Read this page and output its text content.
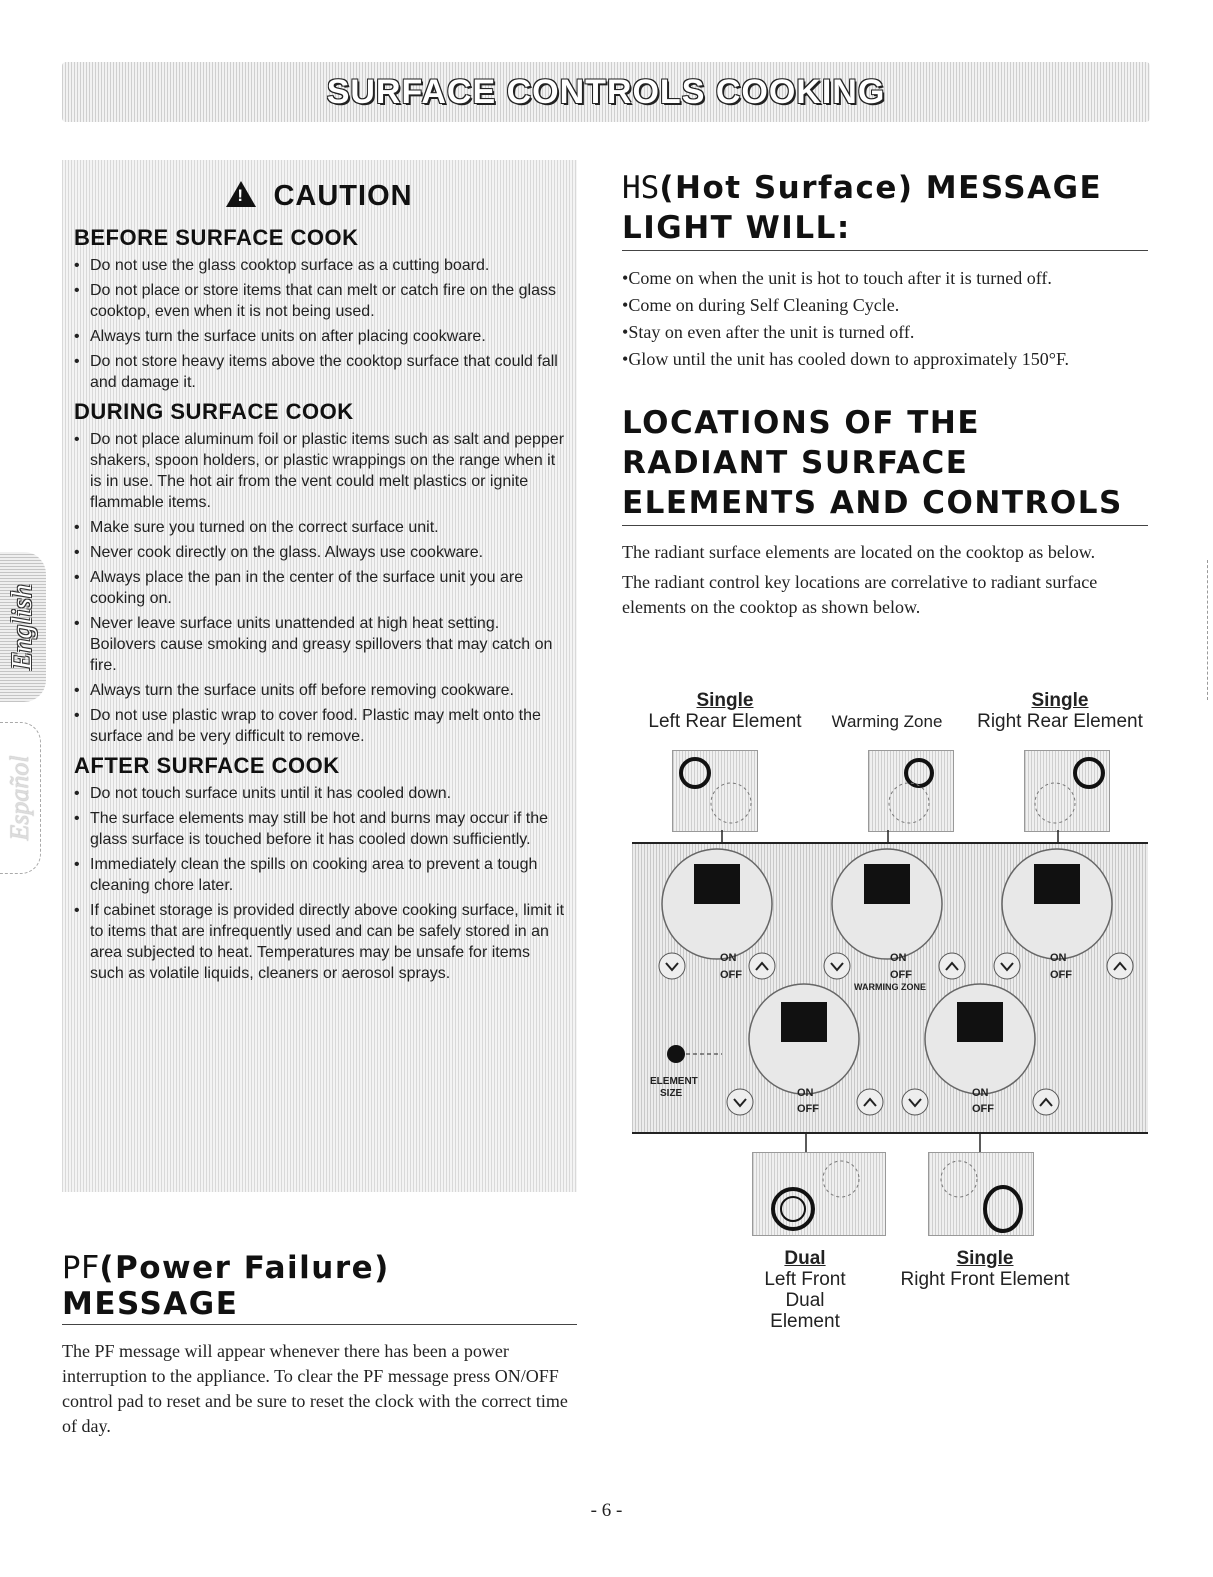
SURFACE CONTROLS COOKING
English
Español
! CAUTION
BEFORE SURFACE COOK
• Do not use the glass cooktop surface as a cutting board.
• Do not place or store items that can melt or catch fire on the glass cooktop, even when it is not being used.
• Always turn the surface units on after placing cookware.
• Do not store heavy items above the cooktop surface that could fall and damage it.
DURING SURFACE COOK
• Do not place aluminum foil or plastic items such as salt and pepper shakers, spoon holders, or plastic wrappings on the range when it is in use. The hot air from the vent could melt plastics or ignite flammable items.
• Make sure you turned on the correct surface unit.
• Never cook directly on the glass. Always use cookware.
• Always place the pan in the center of the surface unit you are cooking on.
• Never leave surface units unattended at high heat setting. Boilovers cause smoking and greasy spillovers that may catch on fire.
• Always turn the surface units off before removing cookware.
• Do not use plastic wrap to cover food. Plastic may melt onto the surface and be very difficult to remove.
AFTER SURFACE COOK
• Do not touch surface units until it has cooled down.
• The surface elements may still be hot and burns may occur if the glass surface is touched before it has cooled down sufficiently.
• Immediately clean the spills on cooking area to prevent a tough cleaning chore later.
• If cabinet storage is provided directly above cooking surface, limit it to items that are infrequently used and can be safely stored in an area subjected to heat. Temperatures may be unsafe for items such as volatile liquids, cleaners or aerosol sprays.
PF(Power Failure) MESSAGE

The PF message will appear whenever there has been a power interruption to the appliance. To clear the PF message press ON/OFF control pad to reset and be sure to reset the clock with the correct time of day.

HS(Hot Surface) MESSAGE LIGHT WILL:
• Come on when the unit is hot to touch after it is turned off.
• Come on during Self Cleaning Cycle.
• Stay on even after the unit is turned off.
• Glow until the unit has cooled down to approximately 150°F.
LOCATIONS OF THE RADIANT SURFACE ELEMENTS AND CONTROLS

The radiant surface elements are located on the cooktop as below.

The radiant control key locations are correlative to radiant surface elements on the cooktop as shown below.

Single
Left Rear Element	Warming Zone
Single
Right Rear Element
ON
OFF
ON
OFF
WARMING ZONE
ON
OFF
ON
OFF
ON
OFF
ELEMENT
SIZE
Dual
Left Front Dual Element
Single
Right Front Element
- 6 -
